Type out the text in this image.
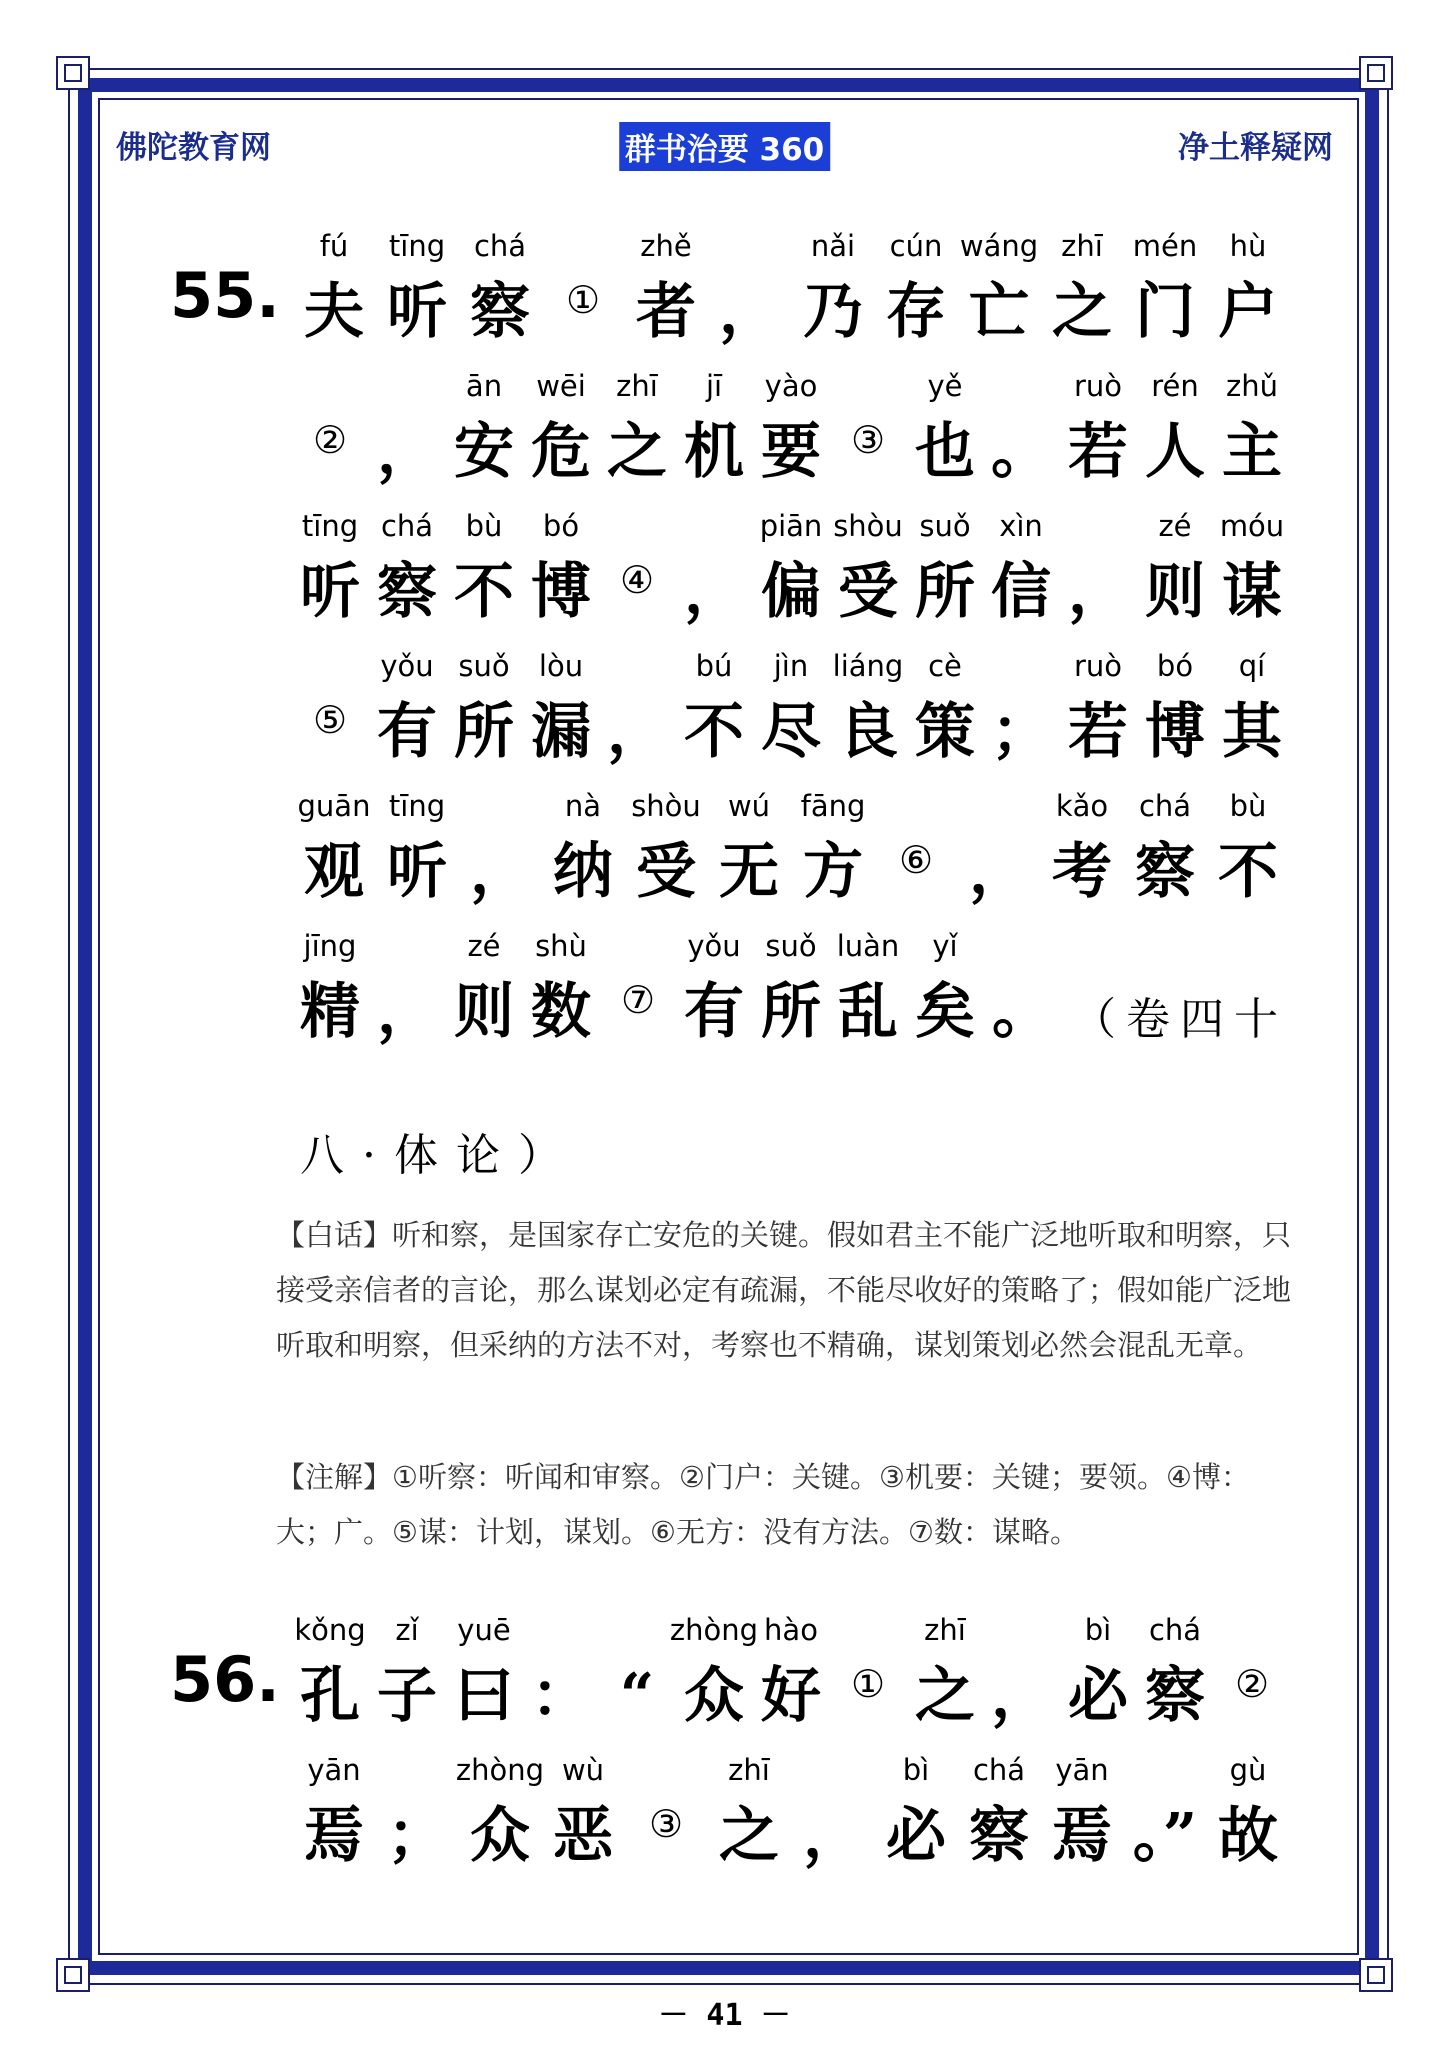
佛陀教育网	群书治要 360	净土释疑网
55.
fú
夫
tīng
听
chá
察 ①
zhě
者 ，
nǎi
乃
cún
存
wáng
亡
zhī
之
mén
门
hù
户
② ，
ān
安
wēi
危
zhī
之
jī
机
yào
要 ③
yě
也 。
ruò
若
rén
人
zhǔ
主
tīng
听
chá
察
bù
不
bó
博 ④ ，
piān
偏
shòu
受
suǒ
所
xìn
信 ，
zé
则
móu
谋
⑤
yǒu
有
suǒ
所
lòu
漏 ，
bú
不
jìn
尽
liáng
良
cè
策 ；
ruò
若
bó
博
qí
其
guān
观
tīng
听 ，
nà
纳
shòu
受
wú
无
fāng
方 ⑥ ，
kǎo
考
chá
察
bù
不
jīng
精 ，
zé
则
shù
数 ⑦
yǒu
有
suǒ
所
luàn
乱
yǐ
矣 。 （卷四十
八·体论）
【白话】听和察，是国家存亡安危的关键。假如君主不能广泛地听取和明察，只接受亲信者的言论，那么谋划必定有疏漏，不能尽收好的策略了；假如能广泛地听取和明察，但采纳的方法不对，考察也不精确，谋划策划必然会混乱无章。
【注解】①听察：听闻和审察。②门户：关键。③机要：关键；要领。④博：大；广。⑤谋：计划，谋划。⑥无方：没有方法。⑦数：谋略。
56.
kǒng
孔
zǐ
子
yuē
曰 ： “
zhòng
众
hào
好 ①
zhī
之 ，
bì
必
chá
察 ②
yān
焉 ；
zhòng
众
wù
恶 ③
zhī
之 ，
bì
必
chá
察
yān
焉 。”
gù
故
－ 41 －
